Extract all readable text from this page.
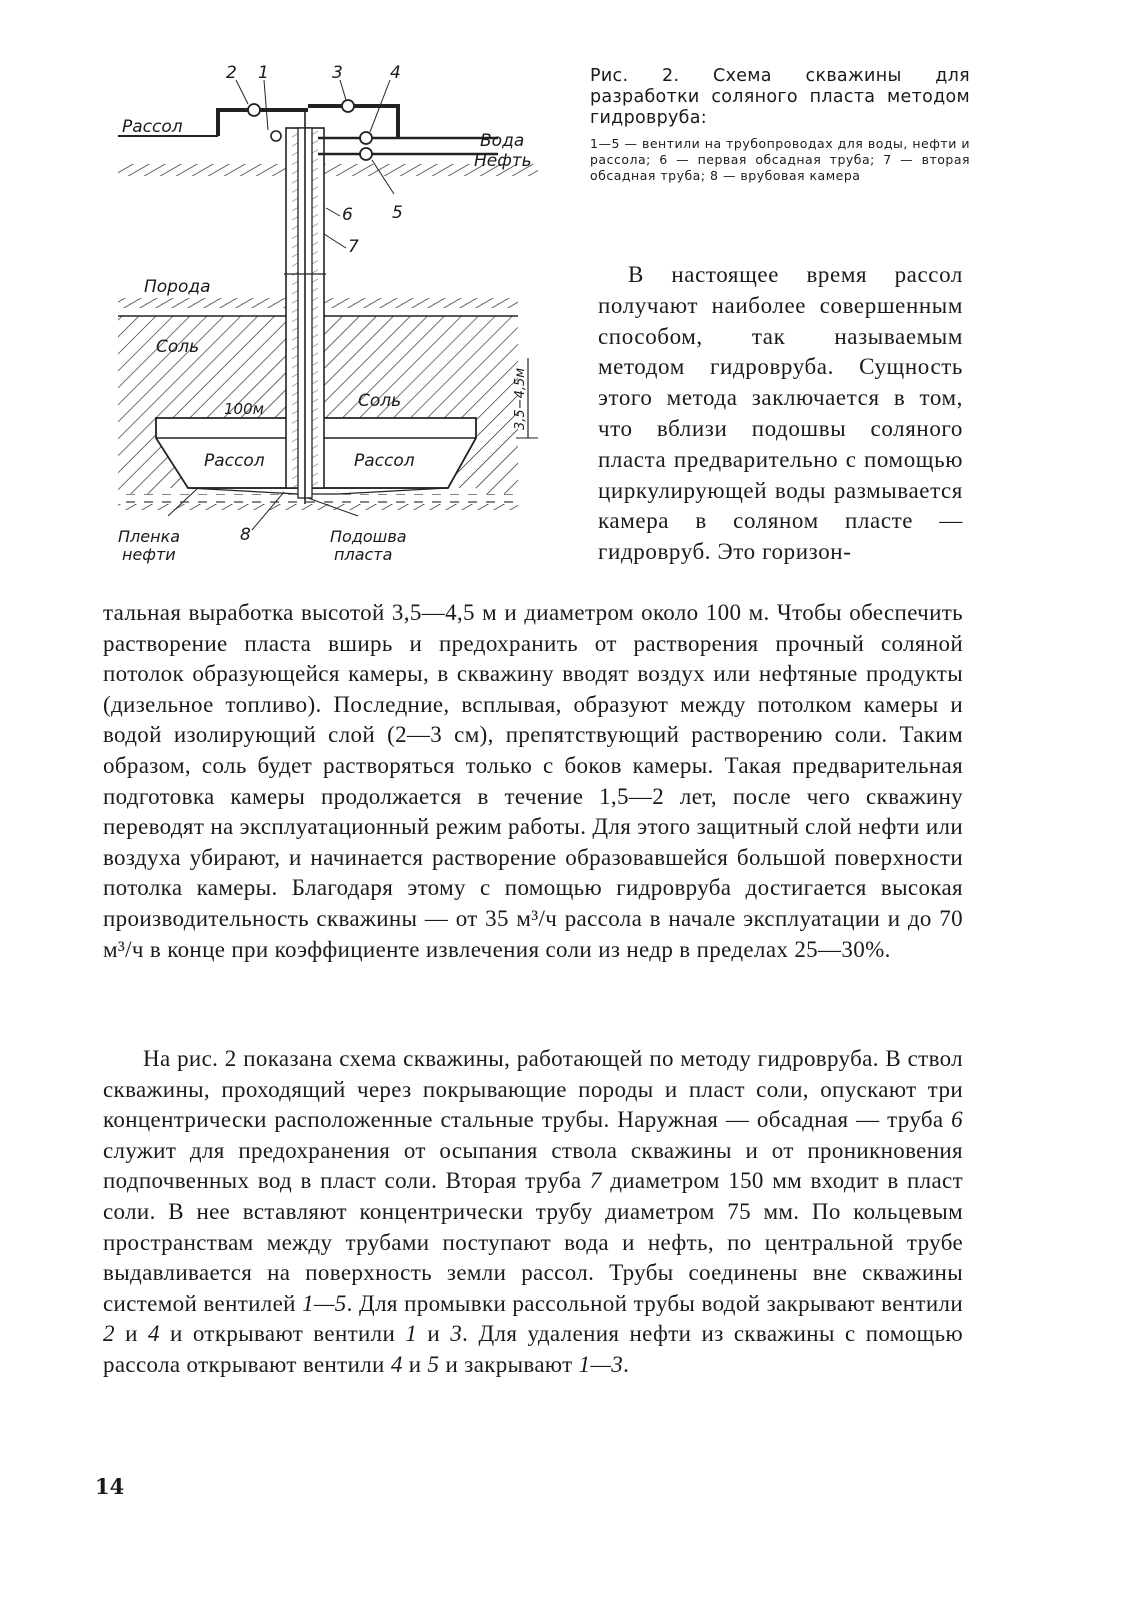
2 1	3	4
5
6
7
8
Рассол
Вода
Нефть
Порода
Соль
Соль
100м	3,5−4,5м
Рассол	Рассол
Пленка
нефти
Подошва
пласта

Рис. 2. Схема скважины для разработки соляного пласта методом гидровруба:

1—5 — вентили на трубопроводах для воды, нефти и рассола; 6 — первая обсадная труба; 7 — вторая обсадная труба; 8 — врубовая камера

В настоящее время рассол получают наиболее совершенным способом, так называемым методом гидровруба. Сущность этого метода заключается в том, что вблизи подошвы соляного пласта предварительно с помощью циркулирующей воды размывается камера в соляном пласте — гидровруб. Это горизон-
тальная выработка высотой 3,5—4,5 м и диаметром около 100 м. Чтобы обеспечить растворение пласта вширь и предохранить от растворения прочный соляной потолок образующейся камеры, в скважину вводят воздух или нефтяные продукты (дизельное топливо). Последние, всплывая, образуют между потолком камеры и водой изолирующий слой (2—3 см), препятствующий растворению соли. Таким образом, соль будет растворяться только с боков камеры. Такая предварительная подготовка камеры продолжается в течение 1,5—2 лет, после чего скважину переводят на эксплуатационный режим работы. Для этого защитный слой нефти или воздуха убирают, и начинается растворение образовавшейся большой поверхности потолка камеры. Благодаря этому с помощью гидровруба достигается высокая производительность скважины — от 35 м³/ч рассола в начале эксплуатации и до 70 м³/ч в конце при коэффициенте извлечения соли из недр в пределах 25—30%.
На рис. 2 показана схема скважины, работающей по методу гидровруба. В ствол скважины, проходящий через покрывающие породы и пласт соли, опускают три концентрически расположенные стальные трубы. Наружная — обсадная — труба 6 служит для предохранения от осыпания ствола скважины и от проникновения подпочвенных вод в пласт соли. Вторая труба 7 диаметром 150 мм входит в пласт соли. В нее вставляют концентрически трубу диаметром 75 мм. По кольцевым пространствам между трубами поступают вода и нефть, по центральной трубе выдавливается на поверхность земли рассол. Трубы соединены вне скважины системой вентилей 1—5. Для промывки рассольной трубы водой закрывают вентили 2 и 4 и открывают вентили 1 и 3. Для удаления нефти из скважины с помощью рассола открывают вентили 4 и 5 и закрывают 1—3.
14
